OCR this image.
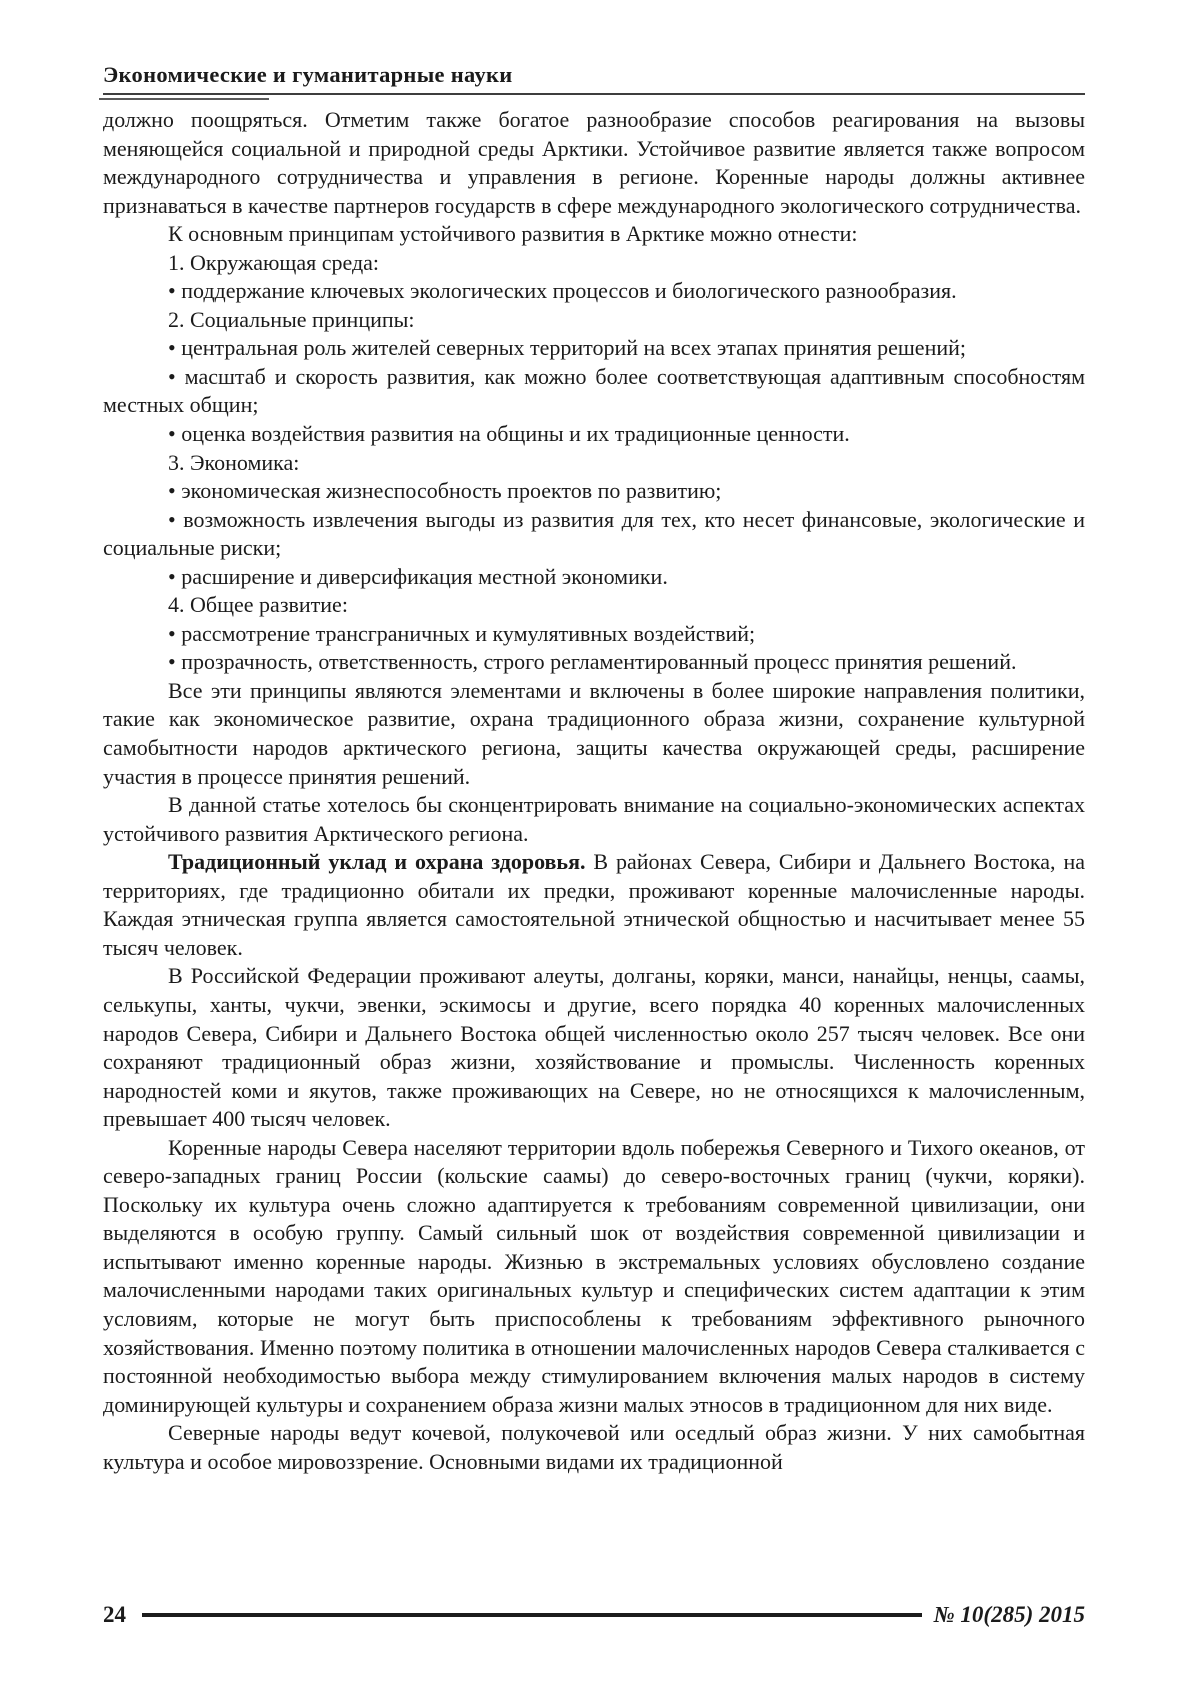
Экономические и гуманитарные науки

должно поощряться. Отметим также богатое разнообразие способов реагирования на вызовы меняющейся социальной и природной среды Арктики. Устойчивое развитие является также вопросом международного сотрудничества и управления в регионе. Коренные народы должны активнее признаваться в качестве партнеров государств в сфере международного экологического сотрудничества.

К основным принципам устойчивого развития в Арктике можно отнести:

1. Окружающая среда:

• поддержание ключевых экологических процессов и биологического разнообразия.

2. Социальные принципы:

• центральная роль жителей северных территорий на всех этапах принятия решений;

• масштаб и скорость развития, как можно более соответствующая адаптивным способностям местных общин;

• оценка воздействия развития на общины и их традиционные ценности.

3. Экономика:

• экономическая жизнеспособность проектов по развитию;

• возможность извлечения выгоды из развития для тех, кто несет финансовые, экологические и социальные риски;

• расширение и диверсификация местной экономики.

4. Общее развитие:

• рассмотрение трансграничных и кумулятивных воздействий;

• прозрачность, ответственность, строго регламентированный процесс принятия решений.

Все эти принципы являются элементами и включены в более широкие направления политики, такие как экономическое развитие, охрана традиционного образа жизни, сохранение культурной самобытности народов арктического региона, защиты качества окружающей среды, расширение участия в процессе принятия решений.

В данной статье хотелось бы сконцентрировать внимание на социально-экономических аспектах устойчивого развития Арктического региона.

Традиционный уклад и охрана здоровья. В районах Севера, Сибири и Дальнего Востока, на территориях, где традиционно обитали их предки, проживают коренные малочисленные народы. Каждая этническая группа является самостоятельной этнической общностью и насчитывает менее 55 тысяч человек.

В Российской Федерации проживают алеуты, долганы, коряки, манси, нанайцы, ненцы, саамы, селькупы, ханты, чукчи, эвенки, эскимосы и другие, всего порядка 40 коренных малочисленных народов Севера, Сибири и Дальнего Востока общей численностью около 257 тысяч человек. Все они сохраняют традиционный образ жизни, хозяйствование и промыслы. Численность коренных народностей коми и якутов, также проживающих на Севере, но не относящихся к малочисленным, превышает 400 тысяч человек.

Коренные народы Севера населяют территории вдоль побережья Северного и Тихого океанов, от северо-западных границ России (кольские саамы) до северо-восточных границ (чукчи, коряки). Поскольку их культура очень сложно адаптируется к требованиям современной цивилизации, они выделяются в особую группу. Самый сильный шок от воздействия современной цивилизации и испытывают именно коренные народы. Жизнью в экстремальных условиях обусловлено создание малочисленными народами таких оригинальных культур и специфических систем адаптации к этим условиям, которые не могут быть приспособлены к требованиям эффективного рыночного хозяйствования. Именно поэтому политика в отношении малочисленных народов Севера сталкивается с постоянной необходимостью выбора между стимулированием включения малых народов в систему доминирующей культуры и сохранением образа жизни малых этносов в традиционном для них виде.

Северные народы ведут кочевой, полукочевой или оседлый образ жизни. У них самобытная культура и особое мировоззрение. Основными видами их традиционной

24	№ 10(285) 2015
